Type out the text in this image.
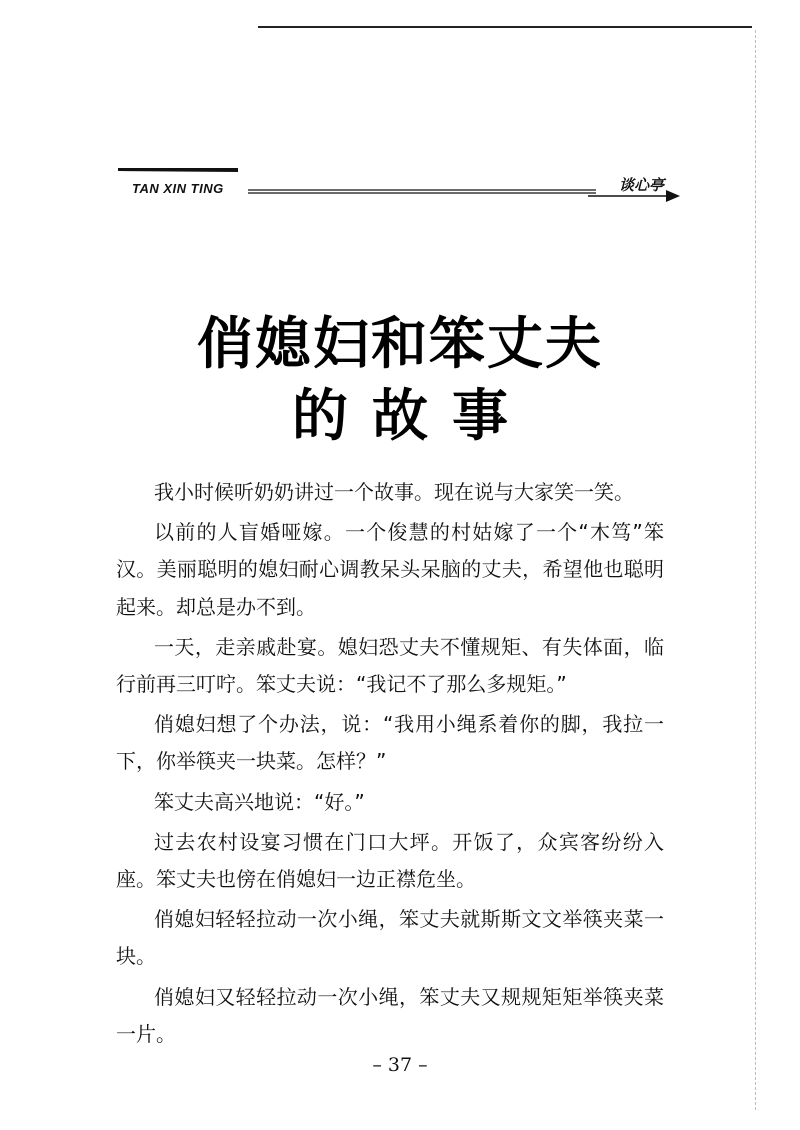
TAN XIN TING	谈心亭
俏媳妇和笨丈夫
的故事

我小时候听奶奶讲过一个故事。现在说与大家笑一笑。

以前的人盲婚哑嫁。一个俊慧的村姑嫁了一个“木笃”笨汉。美丽聪明的媳妇耐心调教呆头呆脑的丈夫，希望他也聪明起来。却总是办不到。

一天，走亲戚赴宴。媳妇恐丈夫不懂规矩、有失体面，临行前再三叮咛。笨丈夫说：“我记不了那么多规矩。”

俏媳妇想了个办法，说：“我用小绳系着你的脚，我拉一下，你举筷夹一块菜。怎样？”

笨丈夫高兴地说：“好。”

过去农村设宴习惯在门口大坪。开饭了，众宾客纷纷入座。笨丈夫也傍在俏媳妇一边正襟危坐。

俏媳妇轻轻拉动一次小绳，笨丈夫就斯斯文文举筷夹菜一块。

俏媳妇又轻轻拉动一次小绳，笨丈夫又规规矩矩举筷夹菜一片。

– 37 –
